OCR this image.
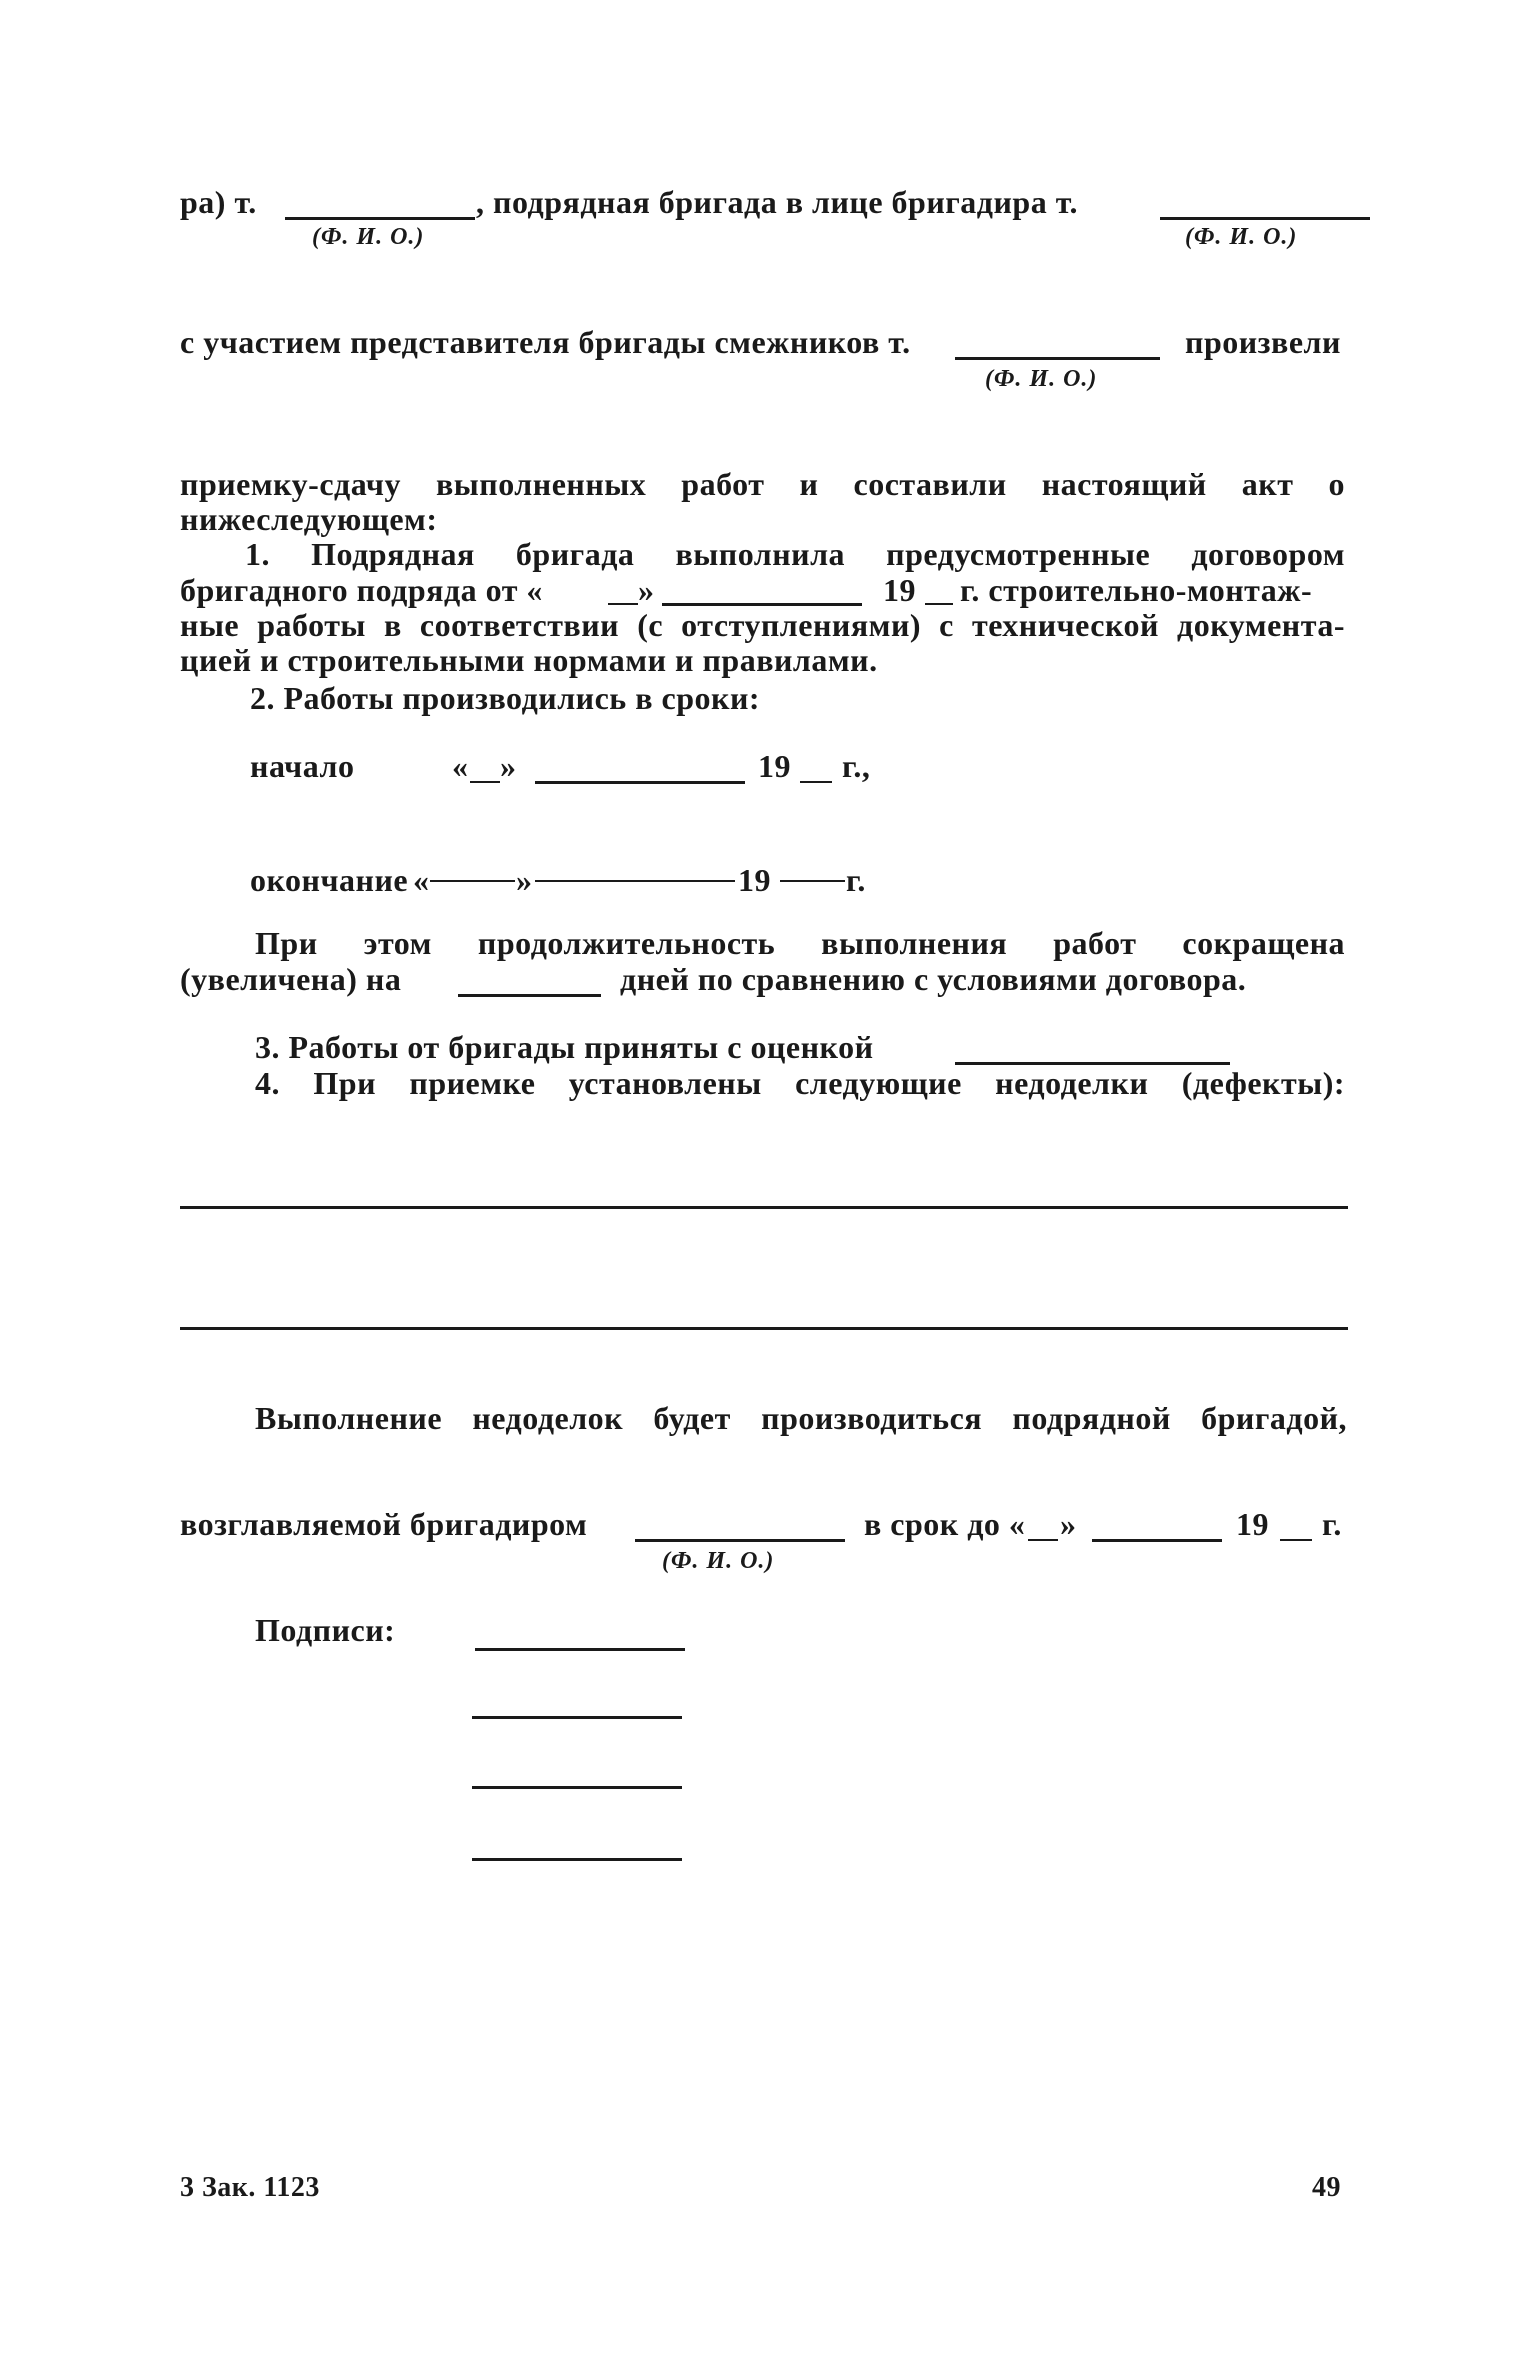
ра) т.	, подрядная бригада в лице бригадира т.
(Ф. И. О.)	(Ф. И. О.)
с участием представителя бригады смежников т.	произвели
(Ф. И. О.)
приемку-сдачу выполненных работ и составили настоящий акт о
нижеследующем:
1. Подрядная бригада выполнила предусмотренные договором
бригадного подряда от «	»	19 г. строительно-монтаж-
ные работы в соответствии (с отступлениями) с технической документа-
цией и строительными нормами и правилами.
2. Работы производились в сроки:
начало	« »	19 г.,
окончание «	»	19 г.
При этом продолжительность выполнения работ сокращена
(увеличена) на	дней по сравнению с условиями договора.
3. Работы от бригады приняты с оценкой
4. При приемке установлены следующие недоделки (дефекты):
Выполнение недоделок будет производиться подрядной бригадой,
возглавляемой бригадиром	в срок до « »	19 г.
(Ф. И. О.)
Подписи:
3 Зак. 1123	49
